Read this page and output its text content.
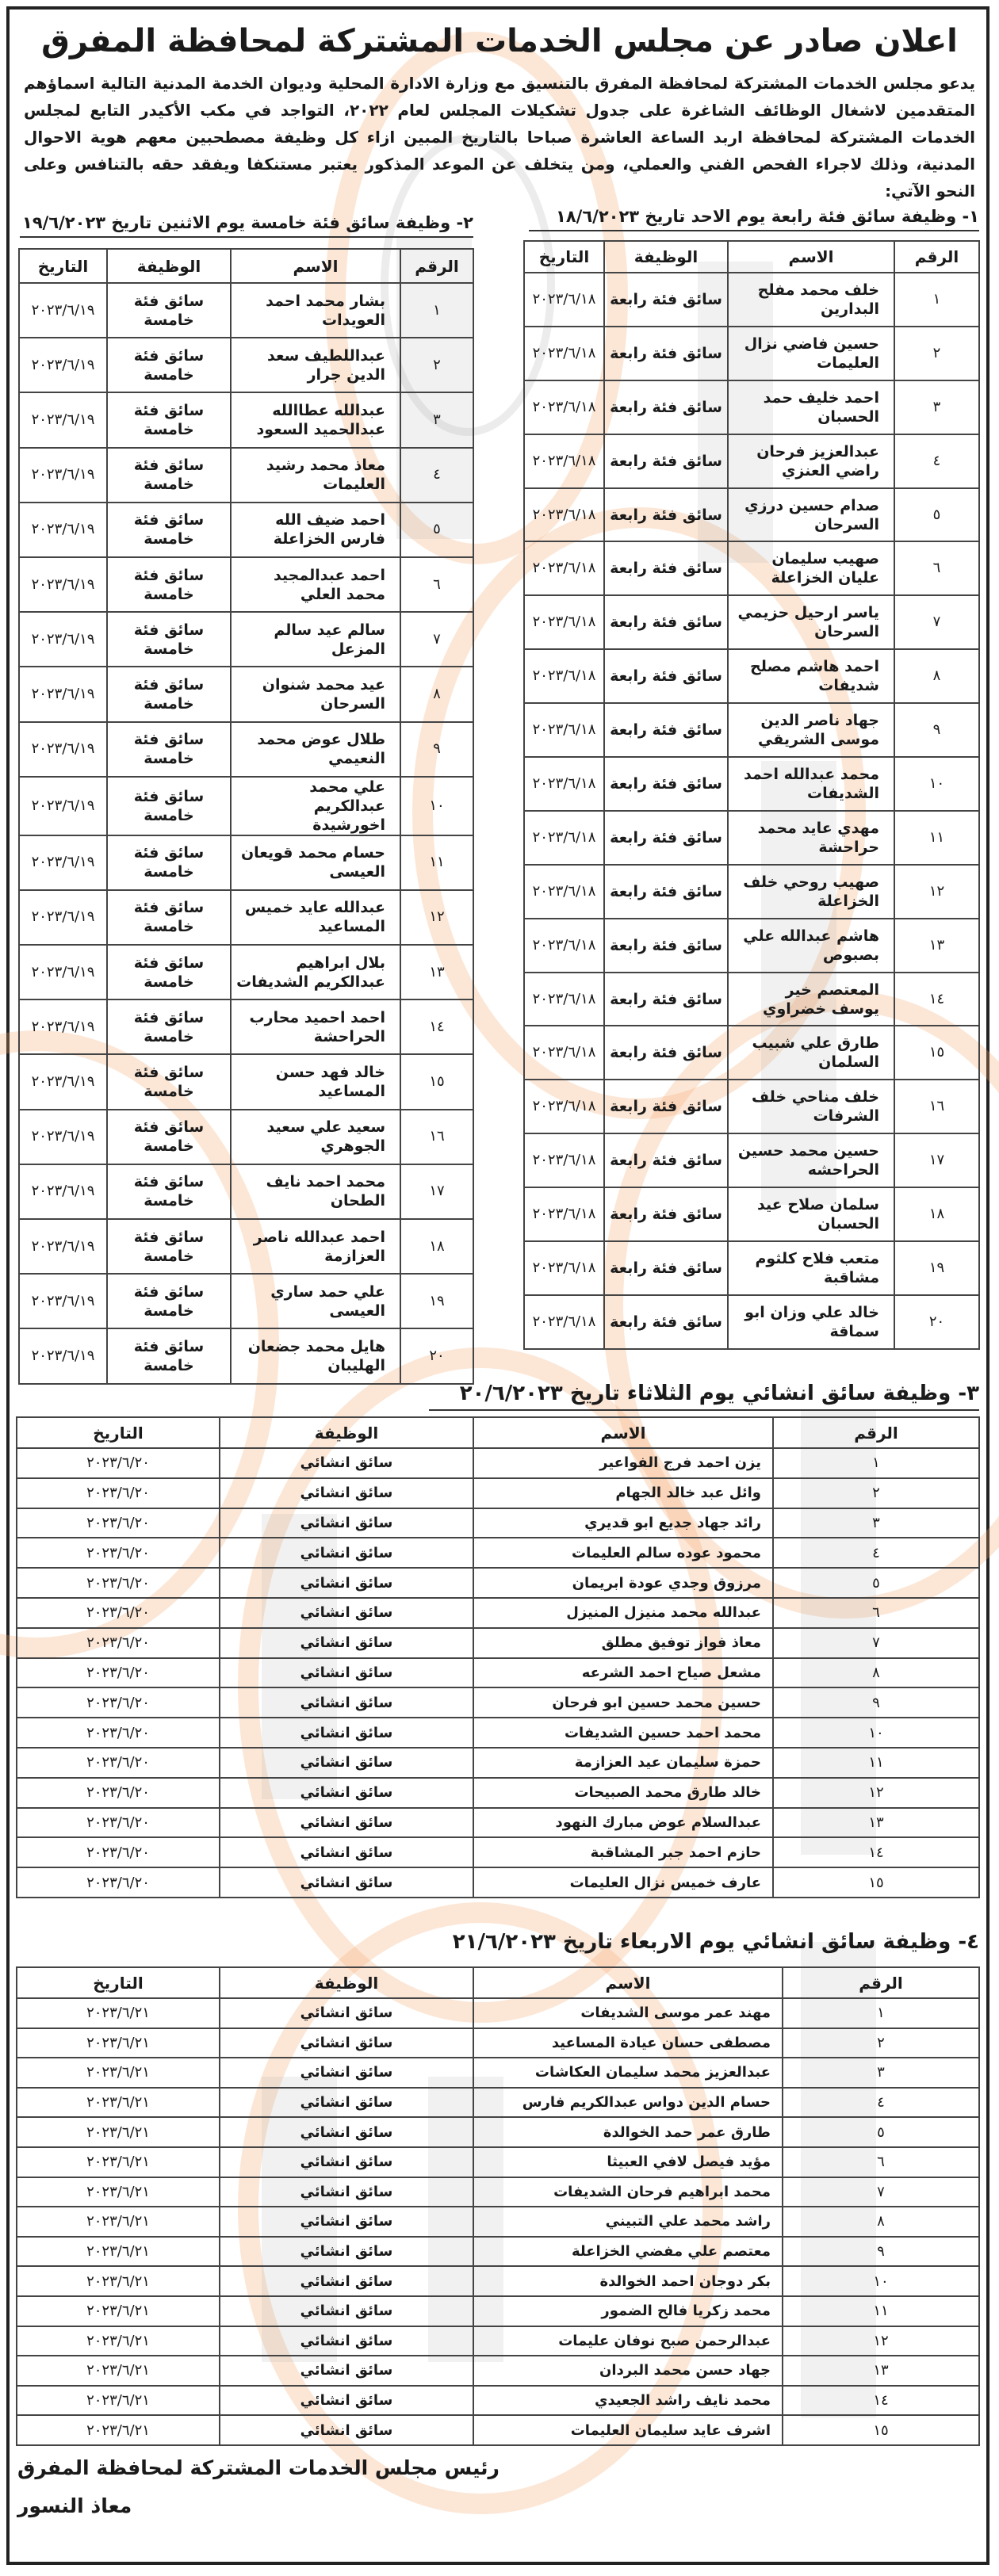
اعلان صادر عن مجلس الخدمات المشتركة لمحافظة المفرق
يدعو مجلس الخدمات المشتركة لمحافظة المفرق بالتنسيق مع وزارة الادارة المحلية وديوان الخدمة المدنية التالية اسماؤهم المتقدمين لاشغال الوظائف الشاغرة على جدول تشكيلات المجلس لعام ٢٠٢٢، التواجد في مكب الأكيدر التابع لمجلس الخدمات المشتركة لمحافظة اربد الساعة العاشرة صباحا بالتاريخ المبين ازاء كل وظيفة مصطحبين معهم هوية الاحوال المدنية، وذلك لاجراء الفحص الفني والعملي، ومن يتخلف عن الموعد المذكور يعتبر مستنكفا ويفقد حقه بالتنافس وعلى النحو الآتي:
١- وظيفة سائق فئة رابعة يوم الاحد تاريخ ١٨/٦/٢٠٢٣
الرقم	الاسم	الوظيفة	التاريخ
١	خلف محمد مفلح البدارين	سائق فئة رابعة	٢٠٢٣/٦/١٨
٢	حسين فاضي نزال العليمات	سائق فئة رابعة	٢٠٢٣/٦/١٨
٣	احمد خليف حمد الحسبان	سائق فئة رابعة	٢٠٢٣/٦/١٨
٤	عبدالعزيز فرحان راضي العنزي	سائق فئة رابعة	٢٠٢٣/٦/١٨
٥	صدام حسين درزي السرحان	سائق فئة رابعة	٢٠٢٣/٦/١٨
٦	صهيب سليمان عليان الخزاعلة	سائق فئة رابعة	٢٠٢٣/٦/١٨
٧	ياسر ارحيل حزيمي السرحان	سائق فئة رابعة	٢٠٢٣/٦/١٨
٨	احمد هاشم مصلح شديفات	سائق فئة رابعة	٢٠٢٣/٦/١٨
٩	جهاد ناصر الدين موسى الشريقي	سائق فئة رابعة	٢٠٢٣/٦/١٨
١٠	محمد عبدالله احمد الشديفات	سائق فئة رابعة	٢٠٢٣/٦/١٨
١١	مهدي عايد محمد حراحشة	سائق فئة رابعة	٢٠٢٣/٦/١٨
١٢	صهيب روحي خلف الخزاعلة	سائق فئة رابعة	٢٠٢٣/٦/١٨
١٣	هاشم عبدالله علي بصبوص	سائق فئة رابعة	٢٠٢٣/٦/١٨
١٤	المعتصم خير يوسف خضراوي	سائق فئة رابعة	٢٠٢٣/٦/١٨
١٥	طارق علي شبيب السلمان	سائق فئة رابعة	٢٠٢٣/٦/١٨
١٦	خلف مناحي خلف الشرفات	سائق فئة رابعة	٢٠٢٣/٦/١٨
١٧	حسين محمد حسين الحراحشه	سائق فئة رابعة	٢٠٢٣/٦/١٨
١٨	سلمان صلاح عيد الحسبان	سائق فئة رابعة	٢٠٢٣/٦/١٨
١٩	متعب فلاح كلثوم مشاقبة	سائق فئة رابعة	٢٠٢٣/٦/١٨
٢٠	خالد علي وزان ابو سماقة	سائق فئة رابعة	٢٠٢٣/٦/١٨
٢- وظيفة سائق فئة خامسة يوم الاثنين تاريخ ١٩/٦/٢٠٢٣
الرقم	الاسم	الوظيفة	التاريخ
١	بشار محمد احمد العويدات	سائق فئة خامسة	٢٠٢٣/٦/١٩
٢	عبداللطيف سعد الدين جرار	سائق فئة خامسة	٢٠٢٣/٦/١٩
٣	عبدالله عطاالله عبدالحميد السعود	سائق فئة خامسة	٢٠٢٣/٦/١٩
٤	معاذ محمد رشيد العليمات	سائق فئة خامسة	٢٠٢٣/٦/١٩
٥	احمد ضيف الله فارس الخزاعلة	سائق فئة خامسة	٢٠٢٣/٦/١٩
٦	احمد عبدالمجيد محمد العلي	سائق فئة خامسة	٢٠٢٣/٦/١٩
٧	سالم عيد سالم المزعل	سائق فئة خامسة	٢٠٢٣/٦/١٩
٨	عيد محمد شنوان السرحان	سائق فئة خامسة	٢٠٢٣/٦/١٩
٩	طلال عوض محمد النعيمي	سائق فئة خامسة	٢٠٢٣/٦/١٩
١٠	علي محمد عبدالكريم اخورشيدة	سائق فئة خامسة	٢٠٢٣/٦/١٩
١١	حسام محمد قويعان العيسى	سائق فئة خامسة	٢٠٢٣/٦/١٩
١٢	عبدالله عايد خميس المساعيد	سائق فئة خامسة	٢٠٢٣/٦/١٩
١٣	بلال ابراهيم عبدالكريم الشديفات	سائق فئة خامسة	٢٠٢٣/٦/١٩
١٤	احمد احميد محارب الحراحشة	سائق فئة خامسة	٢٠٢٣/٦/١٩
١٥	خالد فهد حسن المساعيد	سائق فئة خامسة	٢٠٢٣/٦/١٩
١٦	سعيد علي سعيد الجوهري	سائق فئة خامسة	٢٠٢٣/٦/١٩
١٧	محمد احمد نايف الطحان	سائق فئة خامسة	٢٠٢٣/٦/١٩
١٨	احمد عبدالله ناصر العزازمة	سائق فئة خامسة	٢٠٢٣/٦/١٩
١٩	علي حمد ساري العيسى	سائق فئة خامسة	٢٠٢٣/٦/١٩
٢٠	هايل محمد جضعان الهليبان	سائق فئة خامسة	٢٠٢٣/٦/١٩
٣- وظيفة سائق انشائي يوم الثلاثاء تاريخ ٢٠/٦/٢٠٢٣
الرقم	الاسم	الوظيفة	التاريخ
١	يزن احمد فرج الفواعير	سائق انشائي	٢٠٢٣/٦/٢٠
٢	وائل عبد خالد الجهام	سائق انشائي	٢٠٢٣/٦/٢٠
٣	رائد جهاد جديع ابو قديري	سائق انشائي	٢٠٢٣/٦/٢٠
٤	محمود عوده سالم العليمات	سائق انشائي	٢٠٢٣/٦/٢٠
٥	مرزوق وجدي عودة ابريمان	سائق انشائي	٢٠٢٣/٦/٢٠
٦	عبدالله محمد منيزل المنيزل	سائق انشائي	٢٠٢٣/٦/٢٠
٧	معاذ فواز توفيق مطلق	سائق انشائي	٢٠٢٣/٦/٢٠
٨	مشعل صياح احمد الشرعه	سائق انشائي	٢٠٢٣/٦/٢٠
٩	حسين محمد حسين ابو فرحان	سائق انشائي	٢٠٢٣/٦/٢٠
١٠	محمد احمد حسين الشديفات	سائق انشائي	٢٠٢٣/٦/٢٠
١١	حمزة سليمان عيد العزازمة	سائق انشائي	٢٠٢٣/٦/٢٠
١٢	خالد طارق محمد الصبيحات	سائق انشائي	٢٠٢٣/٦/٢٠
١٣	عبدالسلام عوض مبارك النهود	سائق انشائي	٢٠٢٣/٦/٢٠
١٤	حازم احمد جبر المشاقبة	سائق انشائي	٢٠٢٣/٦/٢٠
١٥	عارف خميس نزال العليمات	سائق انشائي	٢٠٢٣/٦/٢٠
٤- وظيفة سائق انشائي يوم الاربعاء تاريخ ٢١/٦/٢٠٢٣
الرقم	الاسم	الوظيفة	التاريخ
١	مهند عمر موسى الشديفات	سائق انشائي	٢٠٢٣/٦/٢١
٢	مصطفى حسان عيادة المساعيد	سائق انشائي	٢٠٢٣/٦/٢١
٣	عبدالعزيز محمد سليمان العكاشات	سائق انشائي	٢٠٢٣/٦/٢١
٤	حسام الدين دواس عبدالكريم فارس	سائق انشائي	٢٠٢٣/٦/٢١
٥	طارق عمر حمد الخوالدة	سائق انشائي	٢٠٢٣/٦/٢١
٦	مؤيد فيصل لافي العبيثا	سائق انشائي	٢٠٢٣/٦/٢١
٧	محمد ابراهيم فرحان الشديفات	سائق انشائي	٢٠٢٣/٦/٢١
٨	راشد محمد علي التبيني	سائق انشائي	٢٠٢٣/٦/٢١
٩	معتصم علي مفضي الخزاعلة	سائق انشائي	٢٠٢٣/٦/٢١
١٠	بكر دوجان احمد الخوالدة	سائق انشائي	٢٠٢٣/٦/٢١
١١	محمد زكريا فالح الضمور	سائق انشائي	٢٠٢٣/٦/٢١
١٢	عبدالرحمن صبح نوفان عليمات	سائق انشائي	٢٠٢٣/٦/٢١
١٣	جهاد حسن محمد البردان	سائق انشائي	٢٠٢٣/٦/٢١
١٤	محمد نايف راشد الجعيدي	سائق انشائي	٢٠٢٣/٦/٢١
١٥	اشرف عايد سليمان العليمات	سائق انشائي	٢٠٢٣/٦/٢١
رئيس مجلس الخدمات المشتركة لمحافظة المفرق
معاذ النسور
